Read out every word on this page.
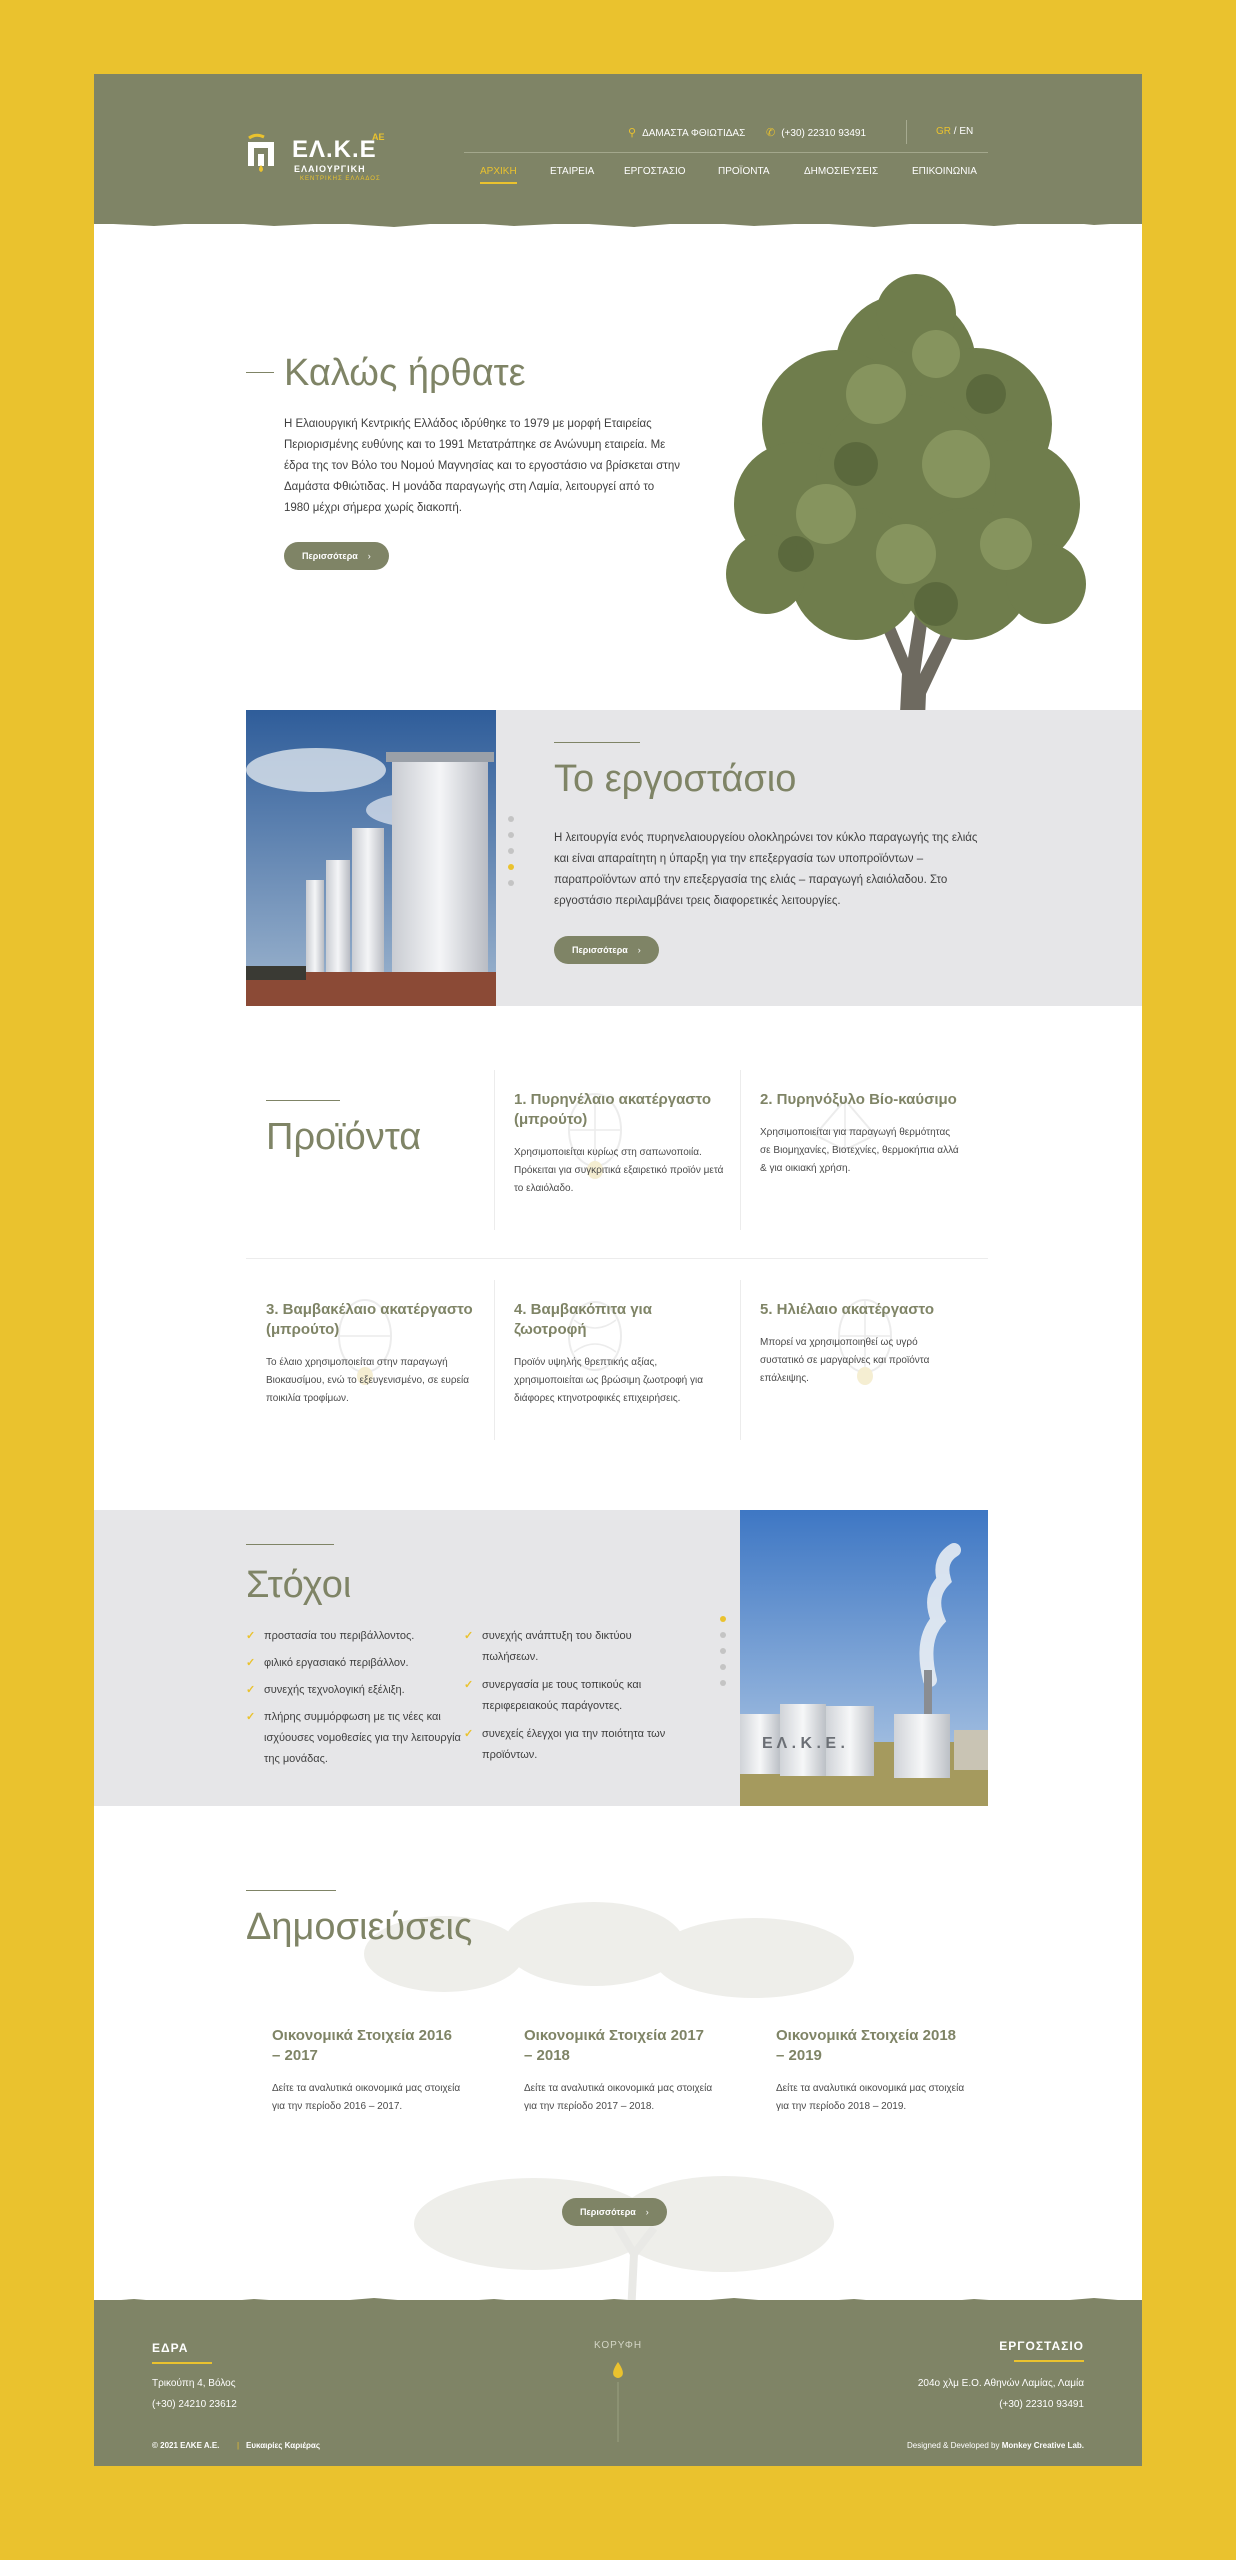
ΕΛ.Κ.Ε
ΑΕ
ΕΛΑΙΟΥΡΓΙΚΗ
ΚΕΝΤΡΙΚΗΣ ΕΛΛΑΔΟΣ
⚲ ΔΑΜΑΣΤΑ ΦΘΙΩΤΙΔΑΣ ✆ (+30) 22310 93491	GR / EN
ΑΡΧΙΚΗ	ΕΤΑΙΡΕΙΑ	ΕΡΓΟΣΤΑΣΙΟ	ΠΡΟΪΟΝΤΑ	ΔΗΜΟΣΙΕΥΣΕΙΣ	ΕΠΙΚΟΙΝΩΝΙΑ
Καλώς ήρθατε

Η Ελαιουργική Κεντρικής Ελλάδος ιδρύθηκε το 1979 με μορφή Εταιρείας Περιορισμένης ευθύνης και το 1991 Μετατράπηκε σε Ανώνυμη εταιρεία. Με έδρα της τον Βόλο του Νομού Μαγνησίας και το εργοστάσιο να βρίσκεται στην Δαμάστα Φθιώτιδας. Η μονάδα παραγωγής στη Λαμία, λειτουργεί από το 1980 μέχρι σήμερα χωρίς διακοπή.

Περισσότερα ›
Το εργοστάσιο

Η λειτουργία ενός πυρηνελαιουργείου ολοκληρώνει τον κύκλο παραγωγής της ελιάς και είναι απαραίτητη η ύπαρξη για την επεξεργασία των υποπροϊόντων – παραπροϊόντων από την επεξεργασία της ελιάς – παραγωγή ελαιόλαδου. Στο εργοστάσιο περιλαμβάνει τρεις διαφορετικές λειτουργίες.

Περισσότερα ›
Προϊόντα
1. Πυρηνέλαιο ακατέργαστο (μπρούτο)

Χρησιμοποιείται κυρίως στη σαπωνοποιία. Πρόκειται για συγκριτικά εξαιρετικό προϊόν μετά το ελαιόλαδο.

2. Πυρηνόξυλο Βίο-καύσιμο

Χρησιμοποιείται για παραγωγή θερμότητας σε Βιομηχανίες, Βιοτεχνίες, θερμοκήπια αλλά & για οικιακή χρήση.

3. Βαμβακέλαιο ακατέργαστο (μπρούτο)

Το έλαιο χρησιμοποιείται στην παραγωγή Βιοκαυσίμου, ενώ το εξευγενισμένο, σε ευρεία ποικιλία τροφίμων.

4. Βαμβακόπιτα για ζωοτροφή

Προϊόν υψηλής θρεπτικής αξίας, χρησιμοποιείται ως βρώσιμη ζωοτροφή για διάφορες κτηνοτροφικές επιχειρήσεις.

5. Ηλιέλαιο ακατέργαστο

Μπορεί να χρησιμοποιηθεί ως υγρό συστατικό σε μαργαρίνες και προϊόντα επάλειψης.

Στόχοι
✓ προστασία του περιβάλλοντος.
✓ φιλικό εργασιακό περιβάλλον.
✓ συνεχής τεχνολογική εξέλιξη.
✓ πλήρης συμμόρφωση με τις νέες και ισχύουσες νομοθεσίες για την λειτουργία της μονάδας.
✓ συνεχής ανάπτυξη του δικτύου πωλήσεων.
✓ συνεργασία με τους τοπικούς και περιφερειακούς παράγοντες.
✓ συνεχείς έλεγχοι για την ποιότητα των προϊόντων.
Ε Λ . Κ . Ε .
Δημοσιεύσεις
Οικονομικά Στοιχεία 2016 – 2017

Δείτε τα αναλυτικά οικονομικά μας στοιχεία για την περίοδο 2016 – 2017.

Οικονομικά Στοιχεία 2017 – 2018

Δείτε τα αναλυτικά οικονομικά μας στοιχεία για την περίοδο 2017 – 2018.

Οικονομικά Στοιχεία 2018 – 2019

Δείτε τα αναλυτικά οικονομικά μας στοιχεία για την περίοδο 2018 – 2019.

Περισσότερα ›
ΕΔΡΑ
Τρικούπη 4, Βόλος
(+30) 24210 23612
ΚΟΡΥΦΗ	ΕΡΓΟΣΤΑΣΙΟ
204ο χλμ Ε.Ο. Αθηνών Λαμίας, Λαμία
(+30) 22310 93491
© 2021 ΕΛΚΕ Α.Ε. | Ευκαιρίες Καριέρας	Designed & Developed by Monkey Creative Lab.
